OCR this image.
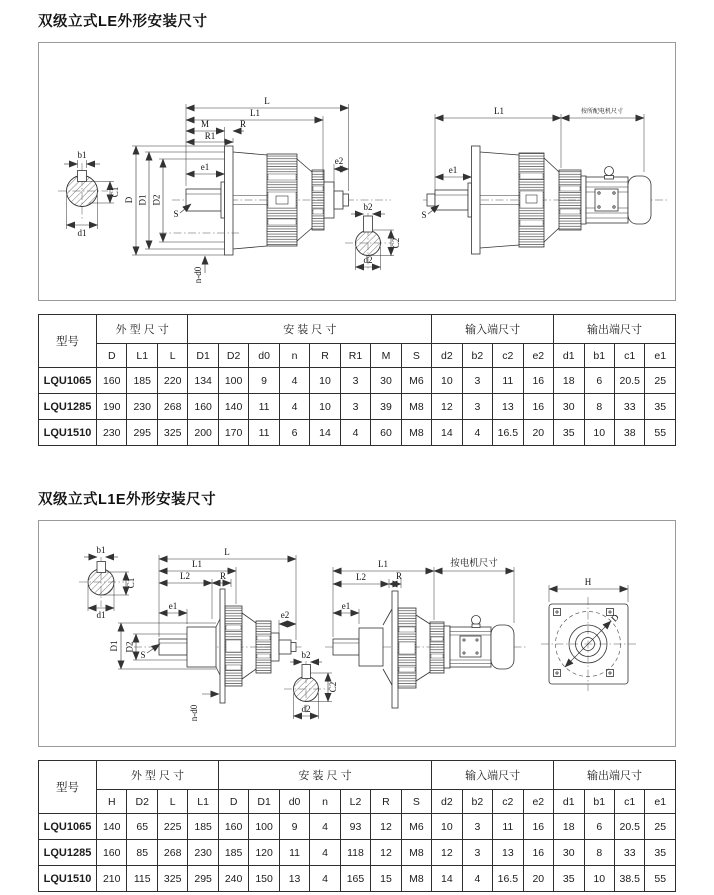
双级立式LE外形安装尺寸
b1
C1
d1
e2
L
L1
M	R
R1
D D1 D2
e1
S
n-d0
b2
C2
d2
L1	按所配电机尺寸
e1
S
型号	外 型 尺 寸			安 装 尺 寸								输入端尺寸				输出端尺寸			
	D	L1	L	D1	D2	d0	n	R	R1	M	S	d2	b2	c2	e2	d1	b1	c1	e1
LQU1065	160	185	220	134	100	9	4	10	3	30	M6	10	3	11	16	18	6	20.5	25
LQU1285	190	230	268	160	140	11	4	10	3	39	M8	12	3	13	16	30	8	33	35
LQU1510	230	295	325	200	170	11	6	14	4	60	M8	14	4	16.5	20	35	10	38	55
双级立式L1E外形安装尺寸
b1
C1
d1	e2
L
L1
L2	R
e1
D1 D2
S
n-d0
b2
C2
d2
L1	按电机尺寸
L2	R
e1
H
D
型号	外 型 尺 寸				安 装 尺 寸							输入端尺寸				输出端尺寸			
	H	D2	L	L1	D	D1	d0	n	L2	R	S	d2	b2	c2	e2	d1	b1	c1	e1
LQU1065	140	65	225	185	160	100	9	4	93	12	M6	10	3	11	16	18	6	20.5	25
LQU1285	160	85	268	230	185	120	11	4	118	12	M8	12	3	13	16	30	8	33	35
LQU1510	210	115	325	295	240	150	13	4	165	15	M8	14	4	16.5	20	35	10	38.5	55
